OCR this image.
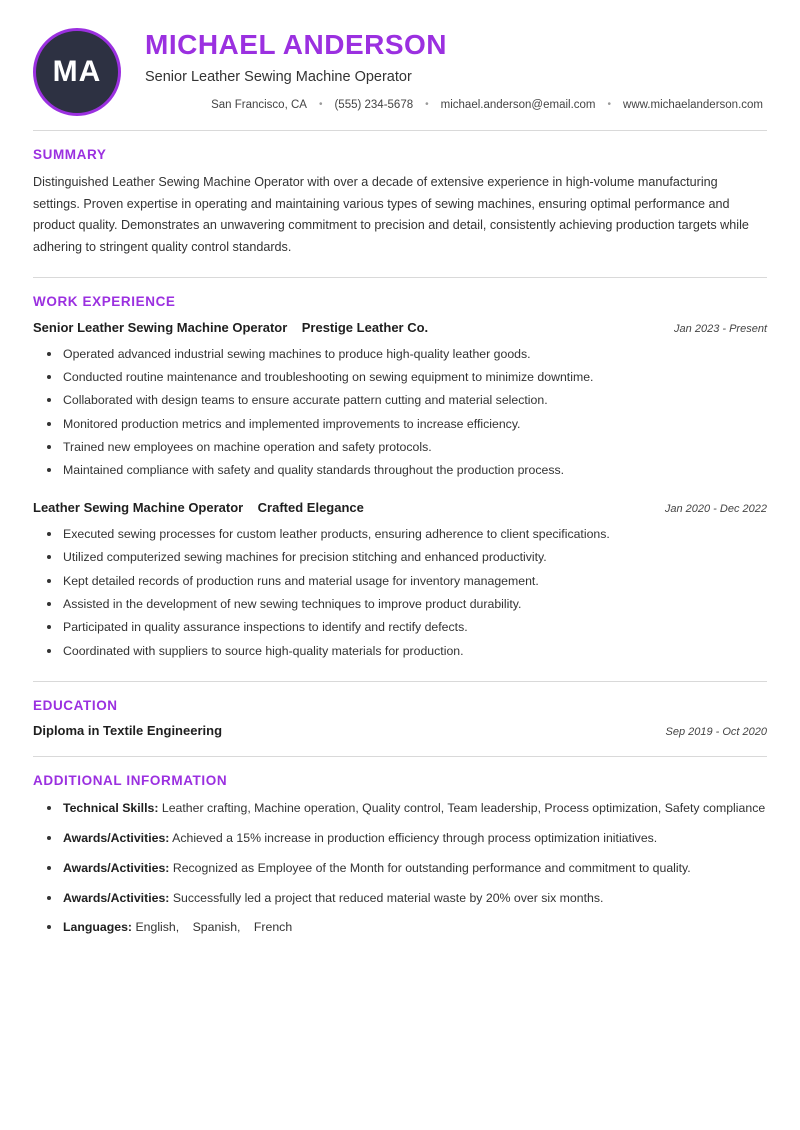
MA
MICHAEL ANDERSON
Senior Leather Sewing Machine Operator
San Francisco, CA	•	(555) 234-5678	•	michael.anderson@email.com	•	www.michaelanderson.com
SUMMARY

Distinguished Leather Sewing Machine Operator with over a decade of extensive experience in high-volume manufacturing settings. Proven expertise in operating and maintaining various types of sewing machines, ensuring optimal performance and product quality. Demonstrates an unwavering commitment to precision and detail, consistently achieving production targets while adhering to stringent quality control standards.

WORK EXPERIENCE
Senior Leather Sewing Machine Operator Prestige Leather Co.	Jan 2023 - Present
Operated advanced industrial sewing machines to produce high-quality leather goods.
Conducted routine maintenance and troubleshooting on sewing equipment to minimize downtime.
Collaborated with design teams to ensure accurate pattern cutting and material selection.
Monitored production metrics and implemented improvements to increase efficiency.
Trained new employees on machine operation and safety protocols.
Maintained compliance with safety and quality standards throughout the production process.
Leather Sewing Machine Operator Crafted Elegance	Jan 2020 - Dec 2022
Executed sewing processes for custom leather products, ensuring adherence to client specifications.
Utilized computerized sewing machines for precision stitching and enhanced productivity.
Kept detailed records of production runs and material usage for inventory management.
Assisted in the development of new sewing techniques to improve product durability.
Participated in quality assurance inspections to identify and rectify defects.
Coordinated with suppliers to source high-quality materials for production.
EDUCATION
Diploma in Textile Engineering	Sep 2019 - Oct 2020
ADDITIONAL INFORMATION
Technical Skills: Leather crafting, Machine operation, Quality control, Team leadership, Process optimization, Safety compliance
Awards/Activities: Achieved a 15% increase in production efficiency through process optimization initiatives.
Awards/Activities: Recognized as Employee of the Month for outstanding performance and commitment to quality.
Awards/Activities: Successfully led a project that reduced material waste by 20% over six months.
Languages: English, Spanish, French
